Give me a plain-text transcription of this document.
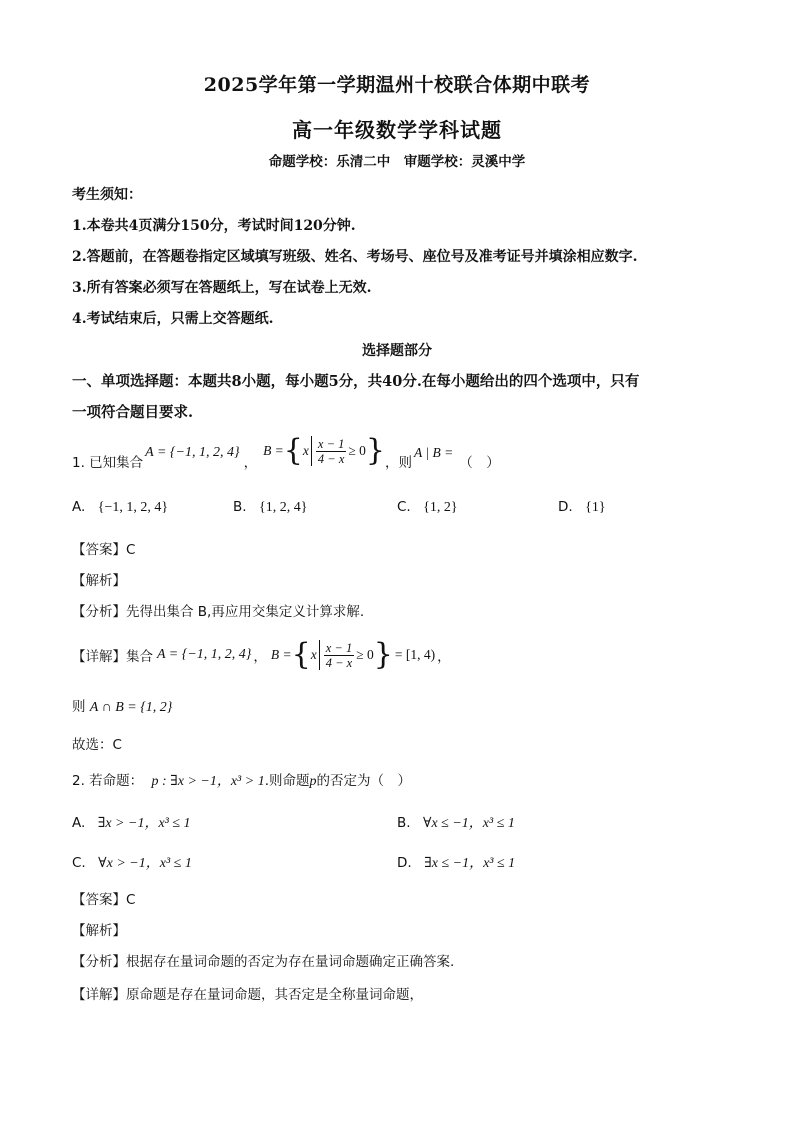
2025学年第一学期温州十校联合体期中联考
高一年级数学学科试题
命题学校：乐清二中　审题学校：灵溪中学
考生须知：
1.本卷共4页满分150分，考试时间120分钟.
2.答题前，在答题卷指定区域填写班级、姓名、考场号、座位号及准考证号并填涂相应数字.
3.所有答案必须写在答题纸上，写在试卷上无效.
4.考试结束后，只需上交答题纸.
选择题部分
一、单项选择题：本题共8小题，每小题5分，共40分.在每小题给出的四个选项中，只有
一项符合题目要求.
1. 已知集合
A = {−1, 1, 2, 4}
，
B = { x $\frac{x - 1}{4 - x} \ge 0$ } ，则
A | B =
（　）
A. {−1, 1, 2, 4}	B. {1, 2, 4}	C. {1, 2}	D. {1}
【答案】C
【解析】
【分析】先得出集合 B,再应用交集定义计算求解.
【详解】 集合 A = {−1, 1, 2, 4} ， B = { x $\frac{x - 1}{4 - x} \ge 0$ } = [1, 4) ，
则 A ∩ B = {1, 2}
故选：C
2. 若命题： p : ∃x > −1，x³ > 1.则命题p的否定为（　）
A. ∃x > −1，x³ ≤ 1	B. ∀x ≤ −1，x³ ≤ 1
C. ∀x > −1，x³ ≤ 1	D. ∃x ≤ −1，x³ ≤ 1
【答案】C
【解析】
【分析】根据存在量词命题的否定为存在量词命题确定正确答案.
【详解】原命题是存在量词命题，其否定是全称量词命题，
